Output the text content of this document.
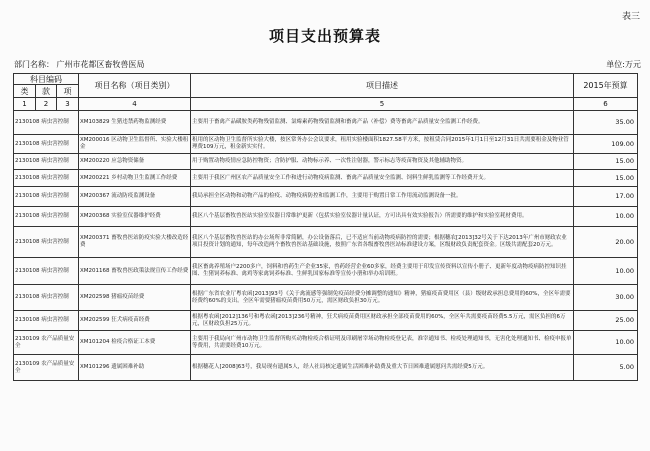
表三
项目支出预算表
部门名称： 广州市花都区畜牧兽医局	单位:万元
科目编码			项目名称（项目类别）	项目描述	2015年预算
类	款	项			
1	2	3	4	5	6
2130108 病虫害控制			XM103829 生猪违禁药物监测经费	主要用于畜禽产品磺胺类药物残留监测、氯霉素药物残留监测和畜禽产品（补偿）费等畜禽产品质量安全监测工作经费。	35.00
2130108 病虫害控制			XM200016 区动物卫生监督所、实验大楼租金	租用的区动物卫生监督所实验大楼，按区常务办公会议要求，租用实验楼面积1827.58平方米，按租赁合同2015年1月1日至12月31日共需要租金及物业管理费109万元，租金新实实付。	109.00
2130108 病虫害控制			XM200220 应急物资储备	用于购置动物疫情应急防控物资；含防护服、动物标示养、一次性注射器，警示标志等疫苗物资及其他辅助物资。	15.00
2130108 病虫害控制			XM200221 乡村动物卫生监测工作经费	主要用于我区广州区农产品质量安全工作和进行动物疫病监测、畜禽产品质量安全监测、饲料生鲜乳监测等工作经费开支。	15.00
2130108 病虫害控制			XM200367 流动防疫监测设备	我局承担全区动物和动物产品的检疫、动物疫病防控和监测工作，主要用于购置日常工作用流动监测设备一批。	17.00
2130108 病虫害控制			XM200368 实验室仪器维护经费	我区八个基层畜牧兽医站实验室仪器日常维护更新（包括实验室仪器计量认证，方可出具有效实验报告）所需要的维护和实验室耗材费用。	10.00
2130108 病虫害控制			XM200371 畜牧兽医站防疫实验大楼改造经费	我区八个基层畜牧兽医站的办公场所非常简陋，办公设备落后，已不适应当前动物疫病防控的需要；根据穗农[2013]32号关于下达2013年广州市财政农业项目投资计划的通知，每年改造两个畜牧兽医站基础设施，按照广东省各级畜牧兽医站标准建设方案，区级财政负责配套资金。区级共需配套20万元。	20.00
2130108 病虫害控制			XM201168 畜牧兽医政策法规宣传工作经费	我区畜禽养殖场户2200多户，饲料和兽药生产企业35家，兽药经营企业60多家，经费主要用于印发宣传资料以宣传小册子、更新年度动物疫病防控知识挂图、生猪饲养标准、禽鸡等家禽饲养标准、生鲜乳国家标准等宣传小册和举办培训班。	10.00
2130108 病虫害控制			XM202598 猪瘟疫苗经费	根据广东省农业厅粤农函[2013]93号《关于禽流感等强制免疫苗经费分摊调整的通知》精神，猪瘟疫苗费用区（县）级财政承担总费用的60%，全区年需要经费约60%的支出。全区年需要猪瘟疫苗费用50万元，需区财政负担30万元。	30.00
2130108 病虫害控制			XM202599 狂犬病疫苗经费	根据粤农函[2012]136号和粤农函[2013]236号精神，狂犬病疫苗费用区财政承担全部疫苗费用的60%，全区年共需要疫苗经费5.5万元，需区负担的6万元，区财政负担25万元。	25.00
2130109 农产品质量安全			XM101204 检疫合格证工本费	主要用于我局向广州市动物卫生监督所购买动物检疫合格证明及印刷屠宰场动物检疫登记表，准宰通知书、检疫处理通知书，无害化处理通知书、检疫申报单等费用，共需要经费10万元。	10.00
2130109 农产品质量安全			XM101296 遗属困难补助	根据穗花人[2008]63号，我局现有遗属5人，经人社局核定遗属生活困难补助费及重大节日困难遗属慰问共需经费5万元。	5.00
